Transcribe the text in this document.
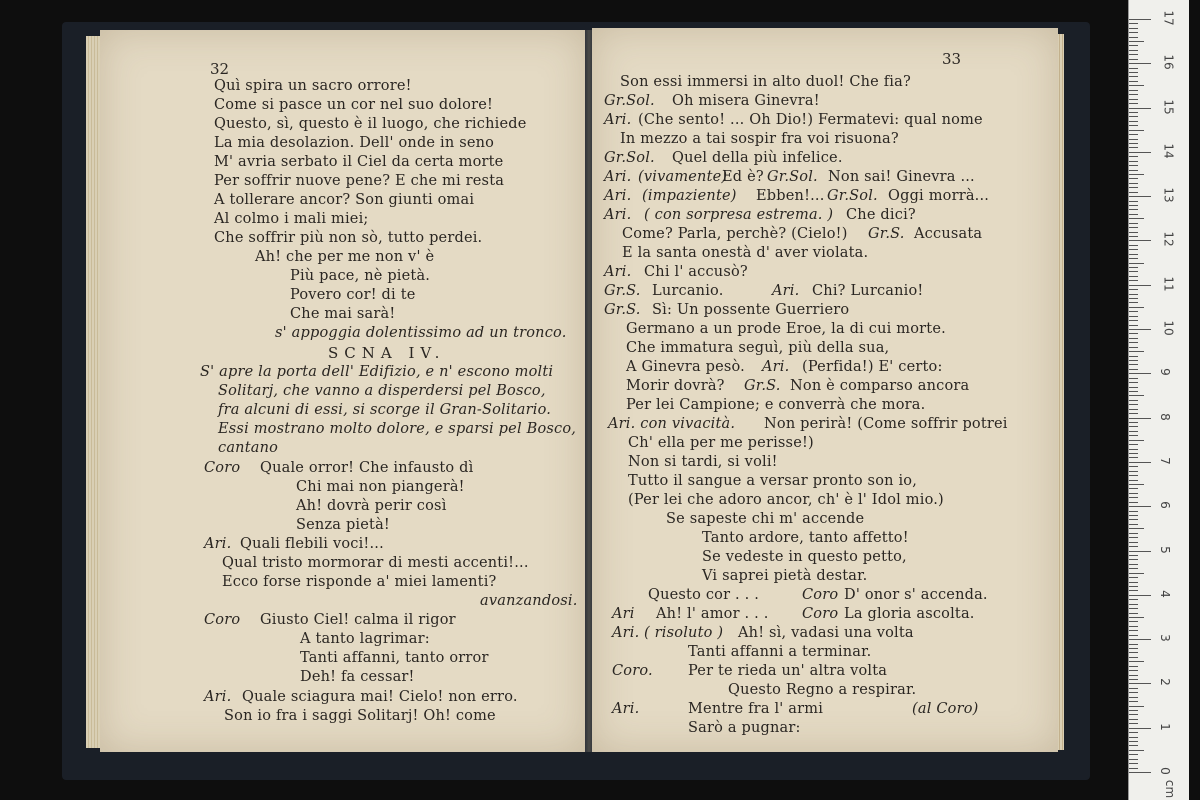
32
Quì spira un sacro orrore!
Come si pasce un cor nel suo dolore!
Questo, sì, questo è il luogo, che richiede
La mia desolazion. Dell' onde in seno
M' avria serbato il Ciel da certa morte
Per soffrir nuove pene? E che mi resta
A tollerare ancor? Son giunti omai
Al colmo i mali miei;
Che soffrir più non sò, tutto perdei.
Ah! che per me non v' è
Più pace, nè pietà.
Povero cor! di te
Che mai sarà!
s' appoggia dolentissimo ad un tronco.
SCNA IV.
S' apre la porta dell' Edifizio, e n' escono molti
Solitarj, che vanno a disperdersi pel Bosco,
fra alcuni di essi, si scorge il Gran-Solitario.
Essi mostrano molto dolore, e sparsi pel Bosco,
cantano
Coro Quale orror! Che infausto dì
Chi mai non piangerà!
Ah! dovrà perir così
Senza pietà!
Ari. Quali flebili voci!...
Qual tristo mormorar di mesti accenti!...
Ecco forse risponde a' miei lamenti?
avanzandosi.
Coro Giusto Ciel! calma il rigor
A tanto lagrimar:
Tanti affanni, tanto orror
Deh! fa cessar!
Ari. Quale sciagura mai! Cielo! non erro.
Son io fra i saggi Solitarj! Oh! come
33
Son essi immersi in alto duol! Che fia?
Gr.Sol. Oh misera Ginevra!
Ari. (Che sento! ... Oh Dio!) Fermatevi: qual nome
In mezzo a tai sospir fra voi risuona?
Gr.Sol. Quel della più infelice.
Ari. (vivamente)
Ed è? Gr.Sol. Non sai! Ginevra ...
Ari. (impaziente) Ebben!... Gr.Sol. Oggi morrà...
Ari. ( con sorpresa estrema. ) Che dici?
Come? Parla, perchè? (Cielo!) Gr.S. Accusata
E la santa onestà d' aver violata.
Ari. Chi l' accusò?
Gr.S. Lurcanio.	Ari. Chi? Lurcanio!
Gr.S. Sì: Un possente Guerriero
Germano a un prode Eroe, la di cui morte.
Che immatura seguì, più della sua,
A Ginevra pesò. Ari. (Perfida!) E' certo:
Morir dovrà? Gr.S. Non è comparso ancora
Per lei Campione; e converrà che mora.
Ari. con vivacità. Non perirà! (Come soffrir potrei
Ch' ella per me perisse!)
Non si tardi, si voli!
Tutto il sangue a versar pronto son io,
(Per lei che adoro ancor, ch' è l' Idol mio.)
Se sapeste chi m' accende
Tanto ardore, tanto affetto!
Se vedeste in questo petto,
Vi saprei pietà destar.
Questo cor . . .	Coro D' onor s' accenda.
Ari Ah! l' amor . . . Coro La gloria ascolta.
Ari. ( risoluto ) Ah! sì, vadasi una volta
Tanti affanni a terminar.
Coro. Per te rieda un' altra volta
Questo Regno a respirar.
Ari.	Mentre fra l' armi	(al Coro)
Sarò a pugnar:
0
1
2
3
4
5
6
7
8
9
10
11
12
13
14
15
16
17
cm
